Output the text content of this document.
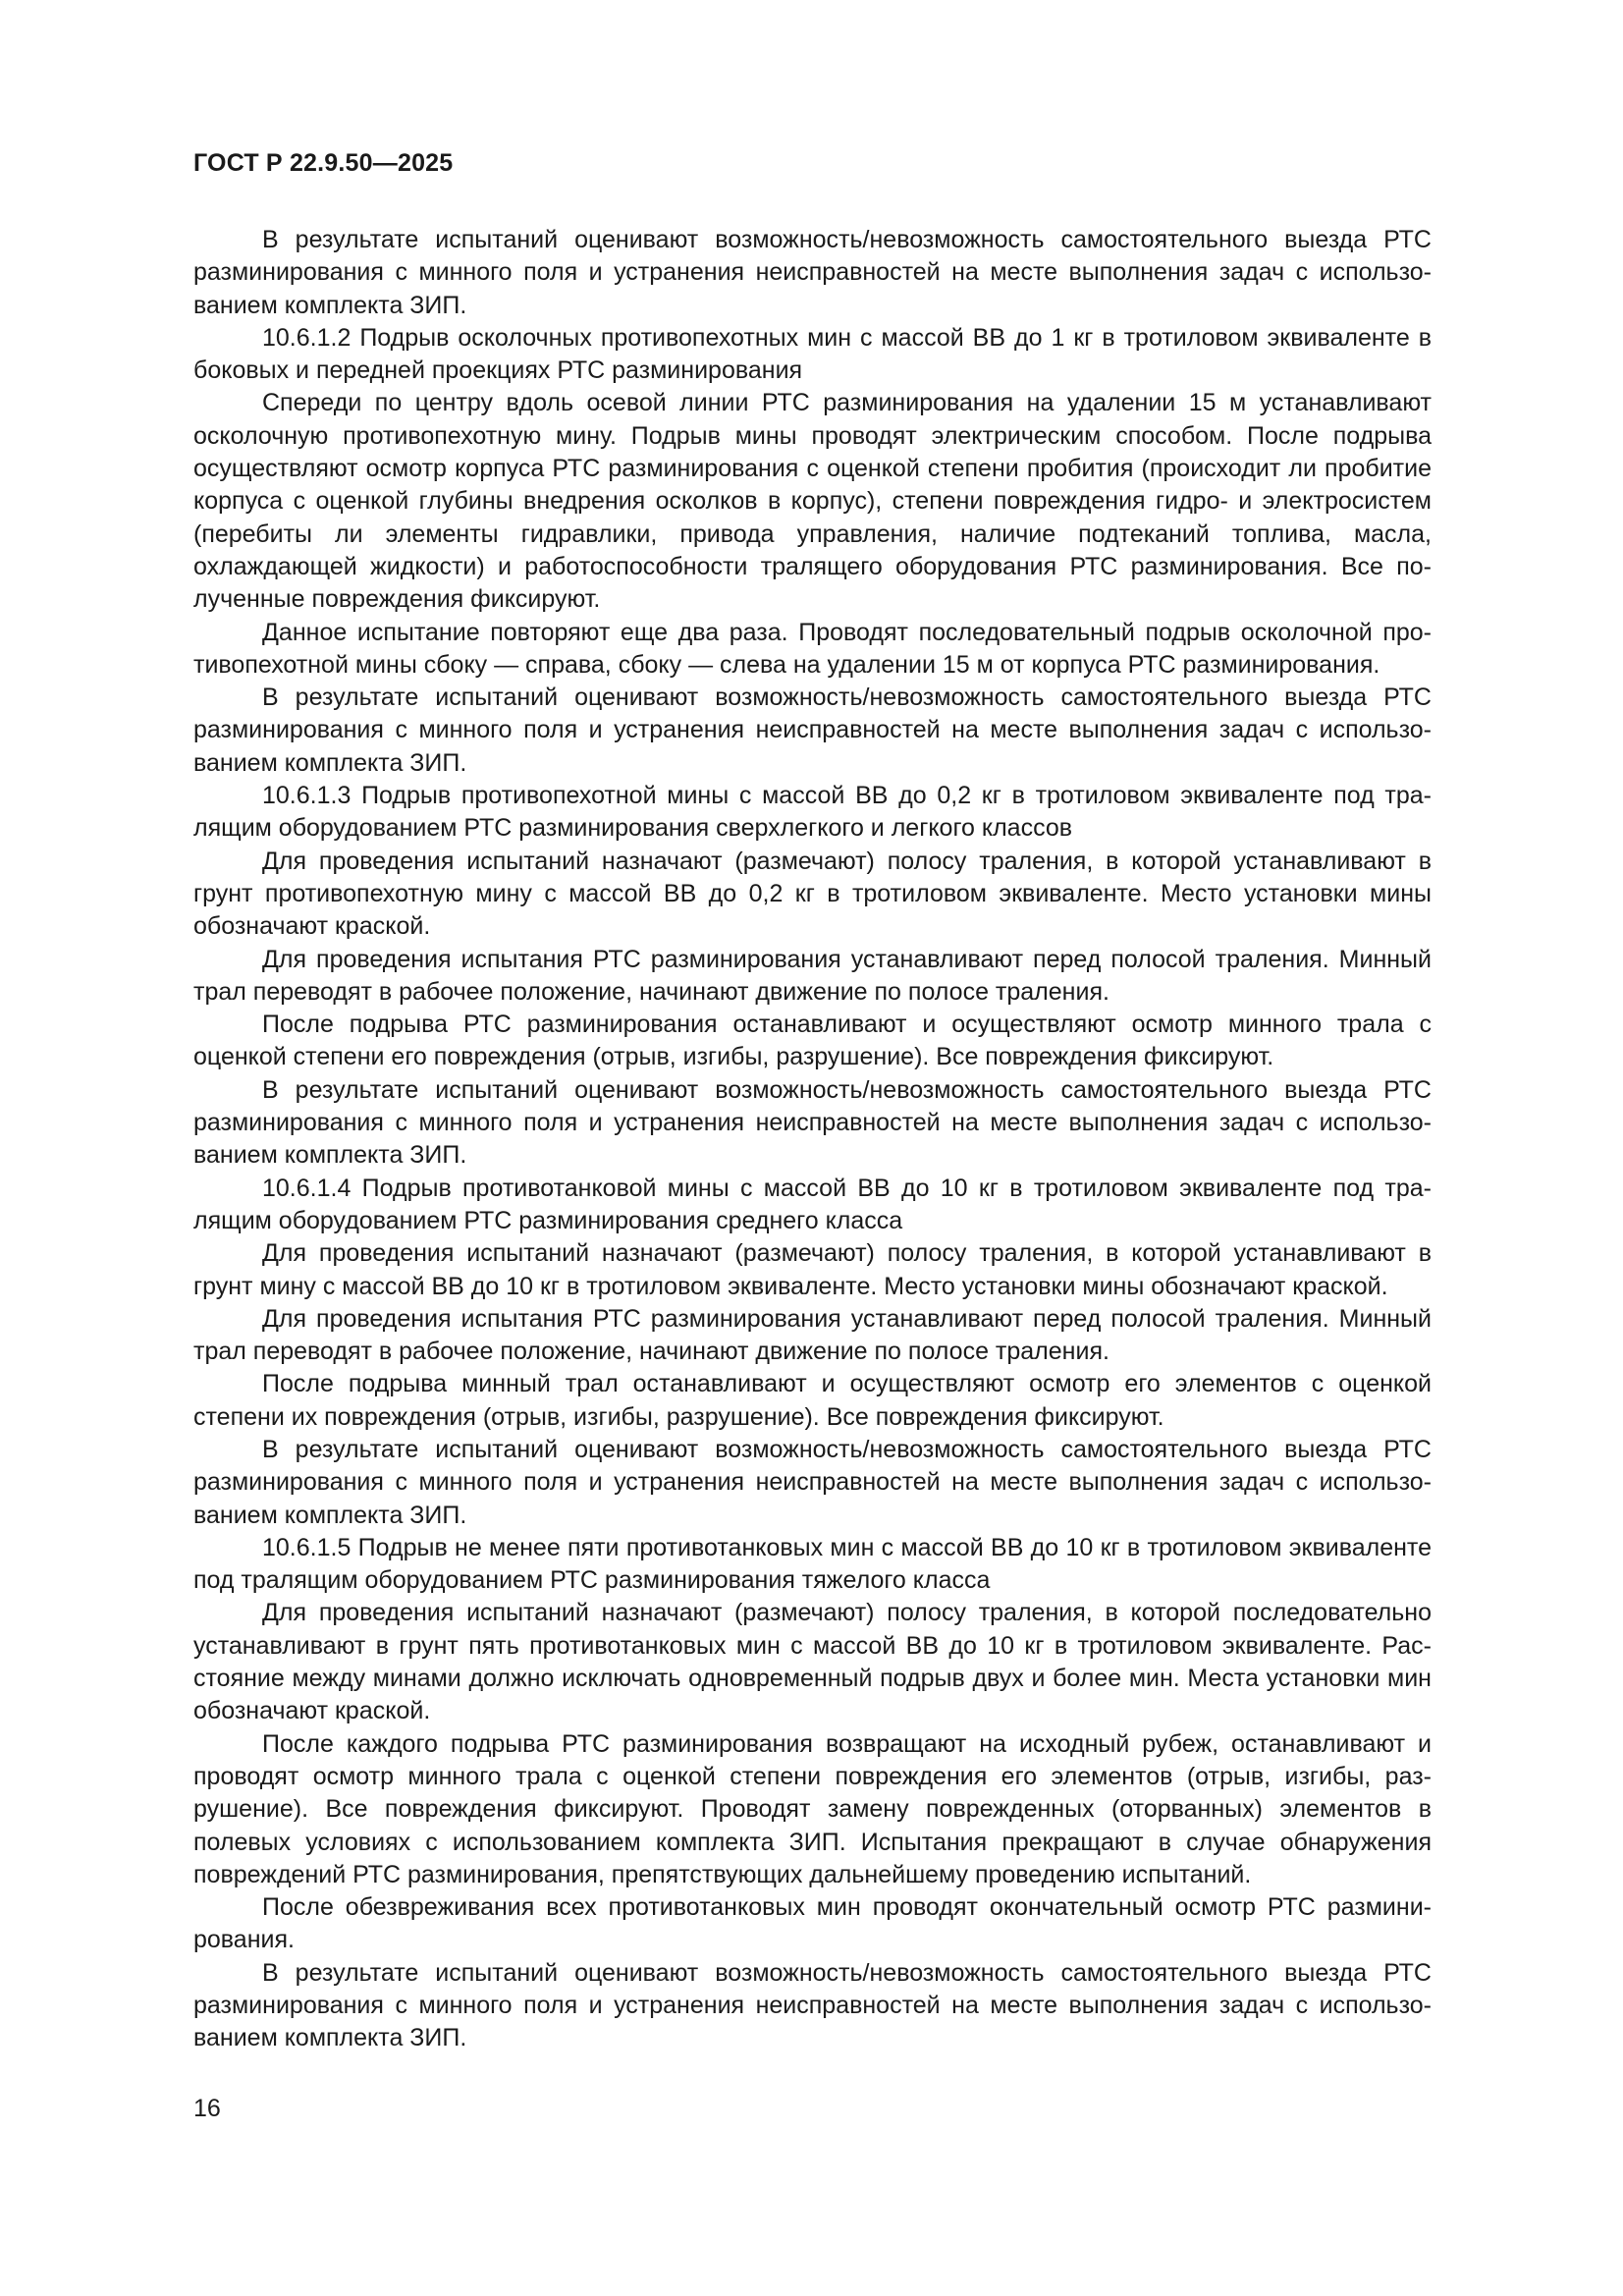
ГОСТ Р 22.9.50—2025

В результате испытаний оценивают возможность/невозможность самостоятельного выезда РТС разминирования с минного поля и устранения неисправностей на месте выполнения задач с использованием комплекта ЗИП.

10.6.1.2 Подрыв осколочных противопехотных мин с массой ВВ до 1 кг в тротиловом эквиваленте в боковых и передней проекциях РТС разминирования

Спереди по центру вдоль осевой линии РТС разминирования на удалении 15 м устанавливают осколочную противопехотную мину. Подрыв мины проводят электрическим способом. После подрыва осуществляют осмотр корпуса РТС разминирования с оценкой степени пробития (происходит ли пробитие корпуса с оценкой глубины внедрения осколков в корпус), степени повреждения гидро- и электросистем (перебиты ли элементы гидравлики, привода управления, наличие подтеканий топлива, масла, охлаждающей жидкости) и работоспособности тралящего оборудования РТС разминирования. Все полученные повреждения фиксируют.

Данное испытание повторяют еще два раза. Проводят последовательный подрыв осколочной противопехотной мины сбоку — справа, сбоку — слева на удалении 15 м от корпуса РТС разминирования.

В результате испытаний оценивают возможность/невозможность самостоятельного выезда РТС разминирования с минного поля и устранения неисправностей на месте выполнения задач с использованием комплекта ЗИП.

10.6.1.3 Подрыв противопехотной мины с массой ВВ до 0,2 кг в тротиловом эквиваленте под тралящим оборудованием РТС разминирования сверхлегкого и легкого классов

Для проведения испытаний назначают (размечают) полосу траления, в которой устанавливают в грунт противопехотную мину с массой ВВ до 0,2 кг в тротиловом эквиваленте. Место установки мины обозначают краской.

Для проведения испытания РТС разминирования устанавливают перед полосой траления. Минный трал переводят в рабочее положение, начинают движение по полосе траления.

После подрыва РТС разминирования останавливают и осуществляют осмотр минного трала с оценкой степени его повреждения (отрыв, изгибы, разрушение). Все повреждения фиксируют.

В результате испытаний оценивают возможность/невозможность самостоятельного выезда РТС разминирования с минного поля и устранения неисправностей на месте выполнения задач с использованием комплекта ЗИП.

10.6.1.4 Подрыв противотанковой мины с массой ВВ до 10 кг в тротиловом эквиваленте под тралящим оборудованием РТС разминирования среднего класса

Для проведения испытаний назначают (размечают) полосу траления, в которой устанавливают в грунт мину с массой ВВ до 10 кг в тротиловом эквиваленте. Место установки мины обозначают краской.

Для проведения испытания РТС разминирования устанавливают перед полосой траления. Минный трал переводят в рабочее положение, начинают движение по полосе траления.

После подрыва минный трал останавливают и осуществляют осмотр его элементов с оценкой степени их повреждения (отрыв, изгибы, разрушение). Все повреждения фиксируют.

В результате испытаний оценивают возможность/невозможность самостоятельного выезда РТС разминирования с минного поля и устранения неисправностей на месте выполнения задач с использованием комплекта ЗИП.

10.6.1.5 Подрыв не менее пяти противотанковых мин с массой ВВ до 10 кг в тротиловом эквиваленте под тралящим оборудованием РТС разминирования тяжелого класса

Для проведения испытаний назначают (размечают) полосу траления, в которой последовательно устанавливают в грунт пять противотанковых мин с массой ВВ до 10 кг в тротиловом эквиваленте. Расстояние между минами должно исключать одновременный подрыв двух и более мин. Места установки мин обозначают краской.

После каждого подрыва РТС разминирования возвращают на исходный рубеж, останавливают и проводят осмотр минного трала с оценкой степени повреждения его элементов (отрыв, изгибы, разрушение). Все повреждения фиксируют. Проводят замену поврежденных (оторванных) элементов в полевых условиях с использованием комплекта ЗИП. Испытания прекращают в случае обнаружения повреждений РТС разминирования, препятствующих дальнейшему проведению испытаний.

После обезвреживания всех противотанковых мин проводят окончательный осмотр РТС разминирования.

В результате испытаний оценивают возможность/невозможность самостоятельного выезда РТС разминирования с минного поля и устранения неисправностей на месте выполнения задач с использованием комплекта ЗИП.

16
